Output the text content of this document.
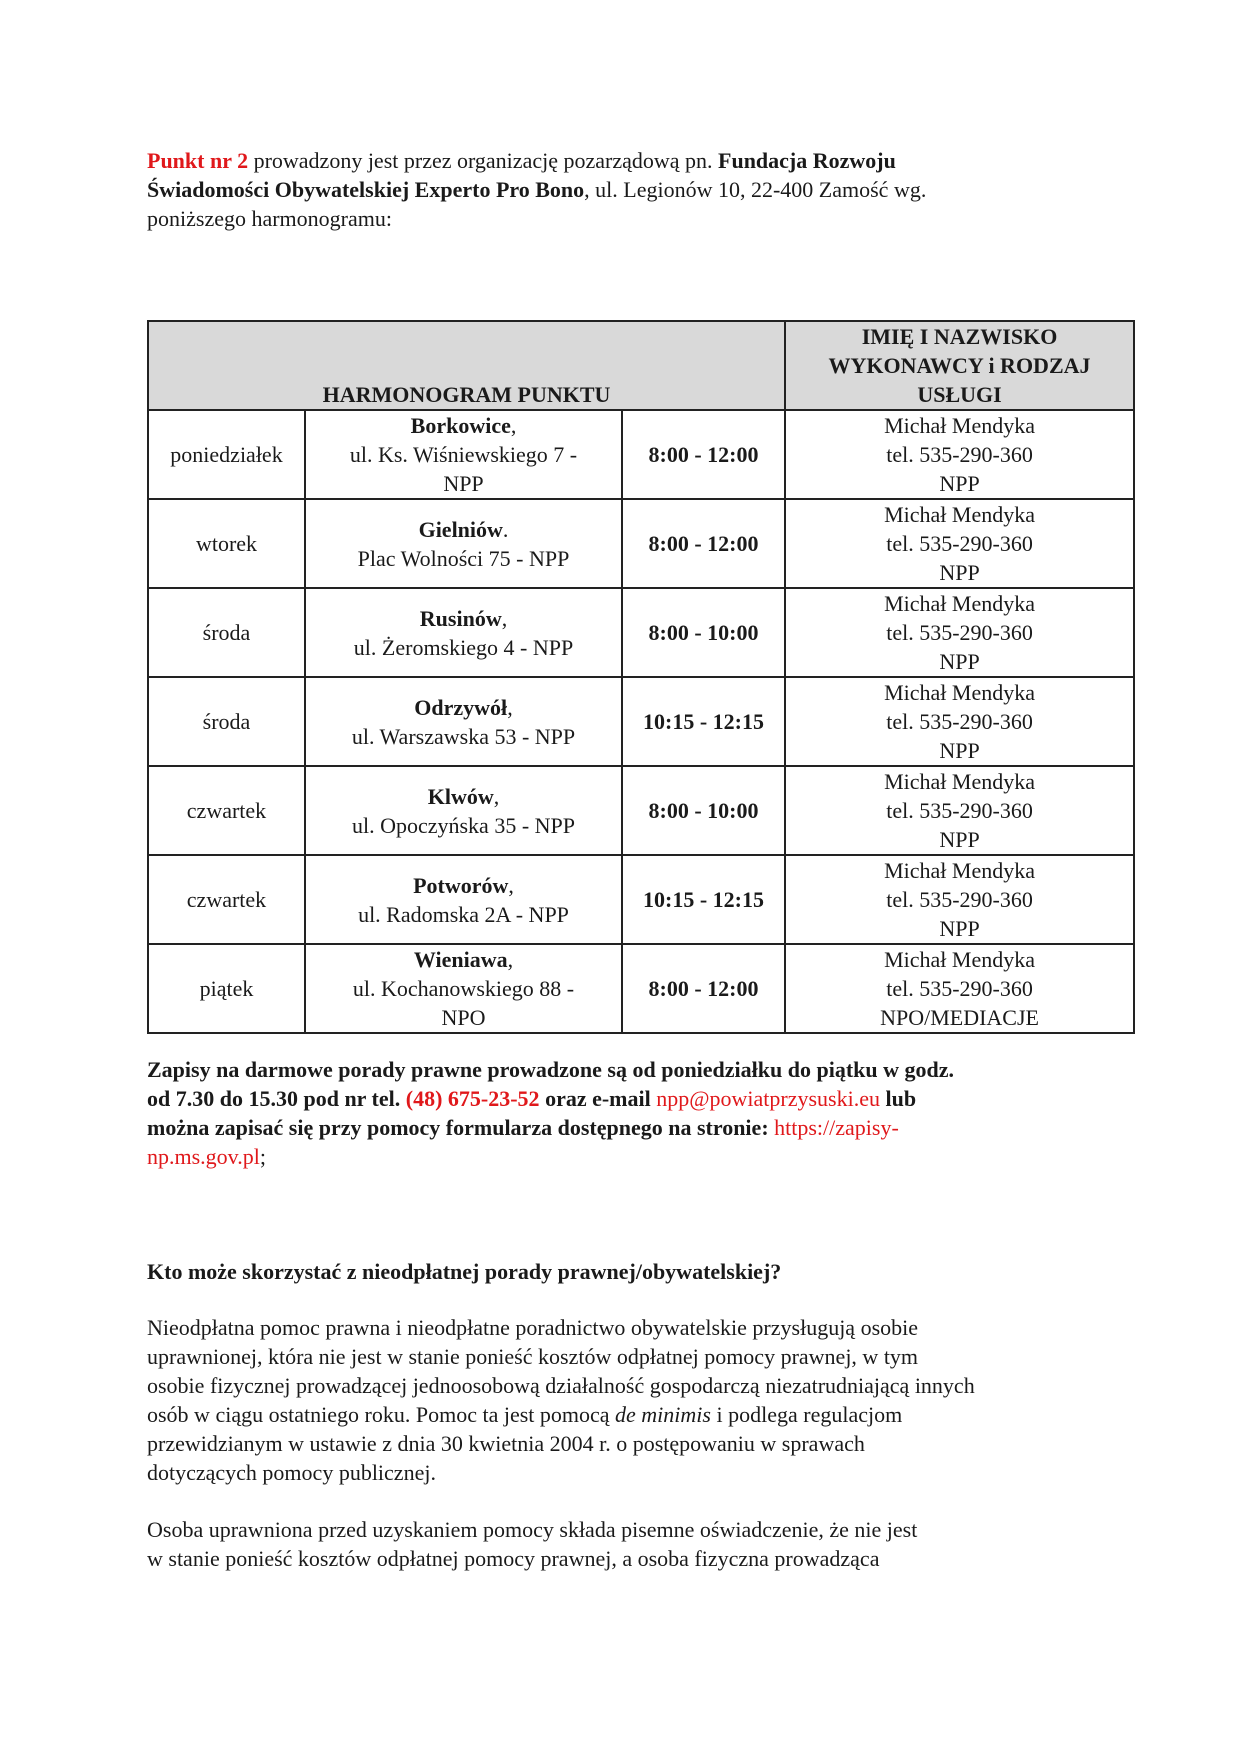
Punkt nr 2 prowadzony jest przez organizację pozarządową pn. Fundacja Rozwoju
Świadomości Obywatelskiej Experto Pro Bono, ul. Legionów 10, 22-400 Zamość wg.
poniższego harmonogramu:
HARMONOGRAM PUNKTU			IMIĘ I NAZWISKO
WYKONAWCY i RODZAJ
USŁUGI

poniedziałek	Borkowice,
ul. Ks. Wiśniewskiego 7 -
NPP	8:00 - 12:00	Michał Mendyka
tel. 535-290-360
NPP

wtorek	Gielniów.
Plac Wolności 75 - NPP	8:00 - 12:00	Michał Mendyka
tel. 535-290-360
NPP

środa	Rusinów,
ul. Żeromskiego 4 - NPP	8:00 - 10:00	Michał Mendyka
tel. 535-290-360
NPP

środa	Odrzywół,
ul. Warszawska 53 - NPP	10:15 - 12:15	Michał Mendyka
tel. 535-290-360
NPP

czwartek	Klwów,
ul. Opoczyńska 35 - NPP	8:00 - 10:00	Michał Mendyka
tel. 535-290-360
NPP

czwartek	Potworów,
ul. Radomska 2A - NPP	10:15 - 12:15	Michał Mendyka
tel. 535-290-360
NPP

piątek	Wieniawa,
ul. Kochanowskiego 88 -
NPO	8:00 - 12:00	Michał Mendyka
tel. 535-290-360
NPO/MEDIACJE
Zapisy na darmowe porady prawne prowadzone są od poniedziałku do piątku w godz.
od 7.30 do 15.30 pod nr tel. (48) 675-23-52 oraz e-mail npp@powiatprzysuski.eu lub
można zapisać się przy pomocy formularza dostępnego na stronie: https://zapisy-
np.ms.gov.pl;
Kto może skorzystać z nieodpłatnej porady prawnej/obywatelskiej?
Nieodpłatna pomoc prawna i nieodpłatne poradnictwo obywatelskie przysługują osobie
uprawnionej, która nie jest w stanie ponieść kosztów odpłatnej pomocy prawnej, w tym
osobie fizycznej prowadzącej jednoosobową działalność gospodarczą niezatrudniającą innych
osób w ciągu ostatniego roku. Pomoc ta jest pomocą de minimis i podlega regulacjom
przewidzianym w ustawie z dnia 30 kwietnia 2004 r. o postępowaniu w sprawach
dotyczących pomocy publicznej.
Osoba uprawniona przed uzyskaniem pomocy składa pisemne oświadczenie, że nie jest
w stanie ponieść kosztów odpłatnej pomocy prawnej, a osoba fizyczna prowadząca
